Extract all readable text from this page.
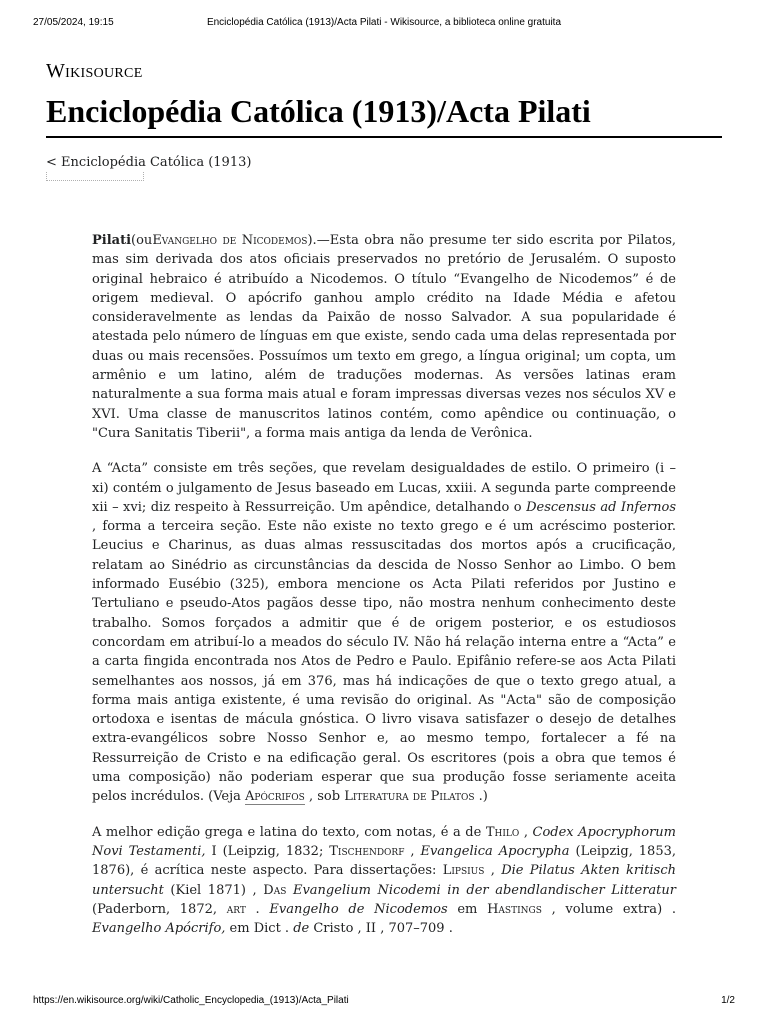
27/05/2024, 19:15	Enciclopédia Católica (1913)/Acta Pilati - Wikisource, a biblioteca online gratuita
Wikisource
Enciclopédia Católica (1913)/Acta Pilati
< Enciclopédia Católica (1913)

Pilati(ouEvangelho de Nicodemos).—Esta obra não presume ter sido escrita por Pilatos, mas sim derivada dos atos oficiais preservados no pretório de Jerusalém. O suposto original hebraico é atribuído a Nicodemos. O título “Evangelho de Nicodemos” é de origem medieval. O apócrifo ganhou amplo crédito na Idade Média e afetou consideravelmente as lendas da Paixão de nosso Salvador. A sua popularidade é atestada pelo número de línguas em que existe, sendo cada uma delas representada por duas ou mais recensões. Possuímos um texto em grego, a língua original; um copta, um armênio e um latino, além de traduções modernas. As versões latinas eram naturalmente a sua forma mais atual e foram impressas diversas vezes nos séculos XV e XVI. Uma classe de manuscritos latinos contém, como apêndice ou continuação, o "Cura Sanitatis Tiberii", a forma mais antiga da lenda de Verônica.

A “Acta” consiste em três seções, que revelam desigualdades de estilo. O primeiro (i – xi) contém o julgamento de Jesus baseado em Lucas, xxiii. A segunda parte compreende xii – xvi; diz respeito à Ressurreição. Um apêndice, detalhando o Descensus ad Infernos , forma a terceira seção. Este não existe no texto grego e é um acréscimo posterior. Leucius e Charinus, as duas almas ressuscitadas dos mortos após a crucificação, relatam ao Sinédrio as circunstâncias da descida de Nosso Senhor ao Limbo. O bem informado Eusébio (325), embora mencione os Acta Pilati referidos por Justino e Tertuliano e pseudo-Atos pagãos desse tipo, não mostra nenhum conhecimento deste trabalho. Somos forçados a admitir que é de origem posterior, e os estudiosos concordam em atribuí-lo a meados do século IV. Não há relação interna entre a “Acta” e a carta fingida encontrada nos Atos de Pedro e Paulo. Epifânio refere-se aos Acta Pilati semelhantes aos nossos, já em 376, mas há indicações de que o texto grego atual, a forma mais antiga existente, é uma revisão do original. As "Acta" são de composição ortodoxa e isentas de mácula gnóstica. O livro visava satisfazer o desejo de detalhes extra-evangélicos sobre Nosso Senhor e, ao mesmo tempo, fortalecer a fé na Ressurreição de Cristo e na edificação geral. Os escritores (pois a obra que temos é uma composição) não poderiam esperar que sua produção fosse seriamente aceita pelos incrédulos. (Veja Apócrifos , sob Literatura de Pilatos .)

A melhor edição grega e latina do texto, com notas, é a de Thilo , Codex Apocryphorum Novi Testamenti, I (Leipzig, 1832; Tischendorf , Evangelica Apocrypha (Leipzig, 1853, 1876), é acrítica neste aspecto. Para dissertações: Lipsius , Die Pilatus Akten kritisch untersucht (Kiel 1871) , Das Evangelium Nicodemi in der abendlandischer Litteratur (Paderborn, 1872, art . Evangelho de Nicodemos em Hastings , volume extra) . Evangelho Apócrifo, em Dict . de Cristo , II , 707–709 .

https://en.wikisource.org/wiki/Catholic_Encyclopedia_(1913)/Acta_Pilati	1/2
